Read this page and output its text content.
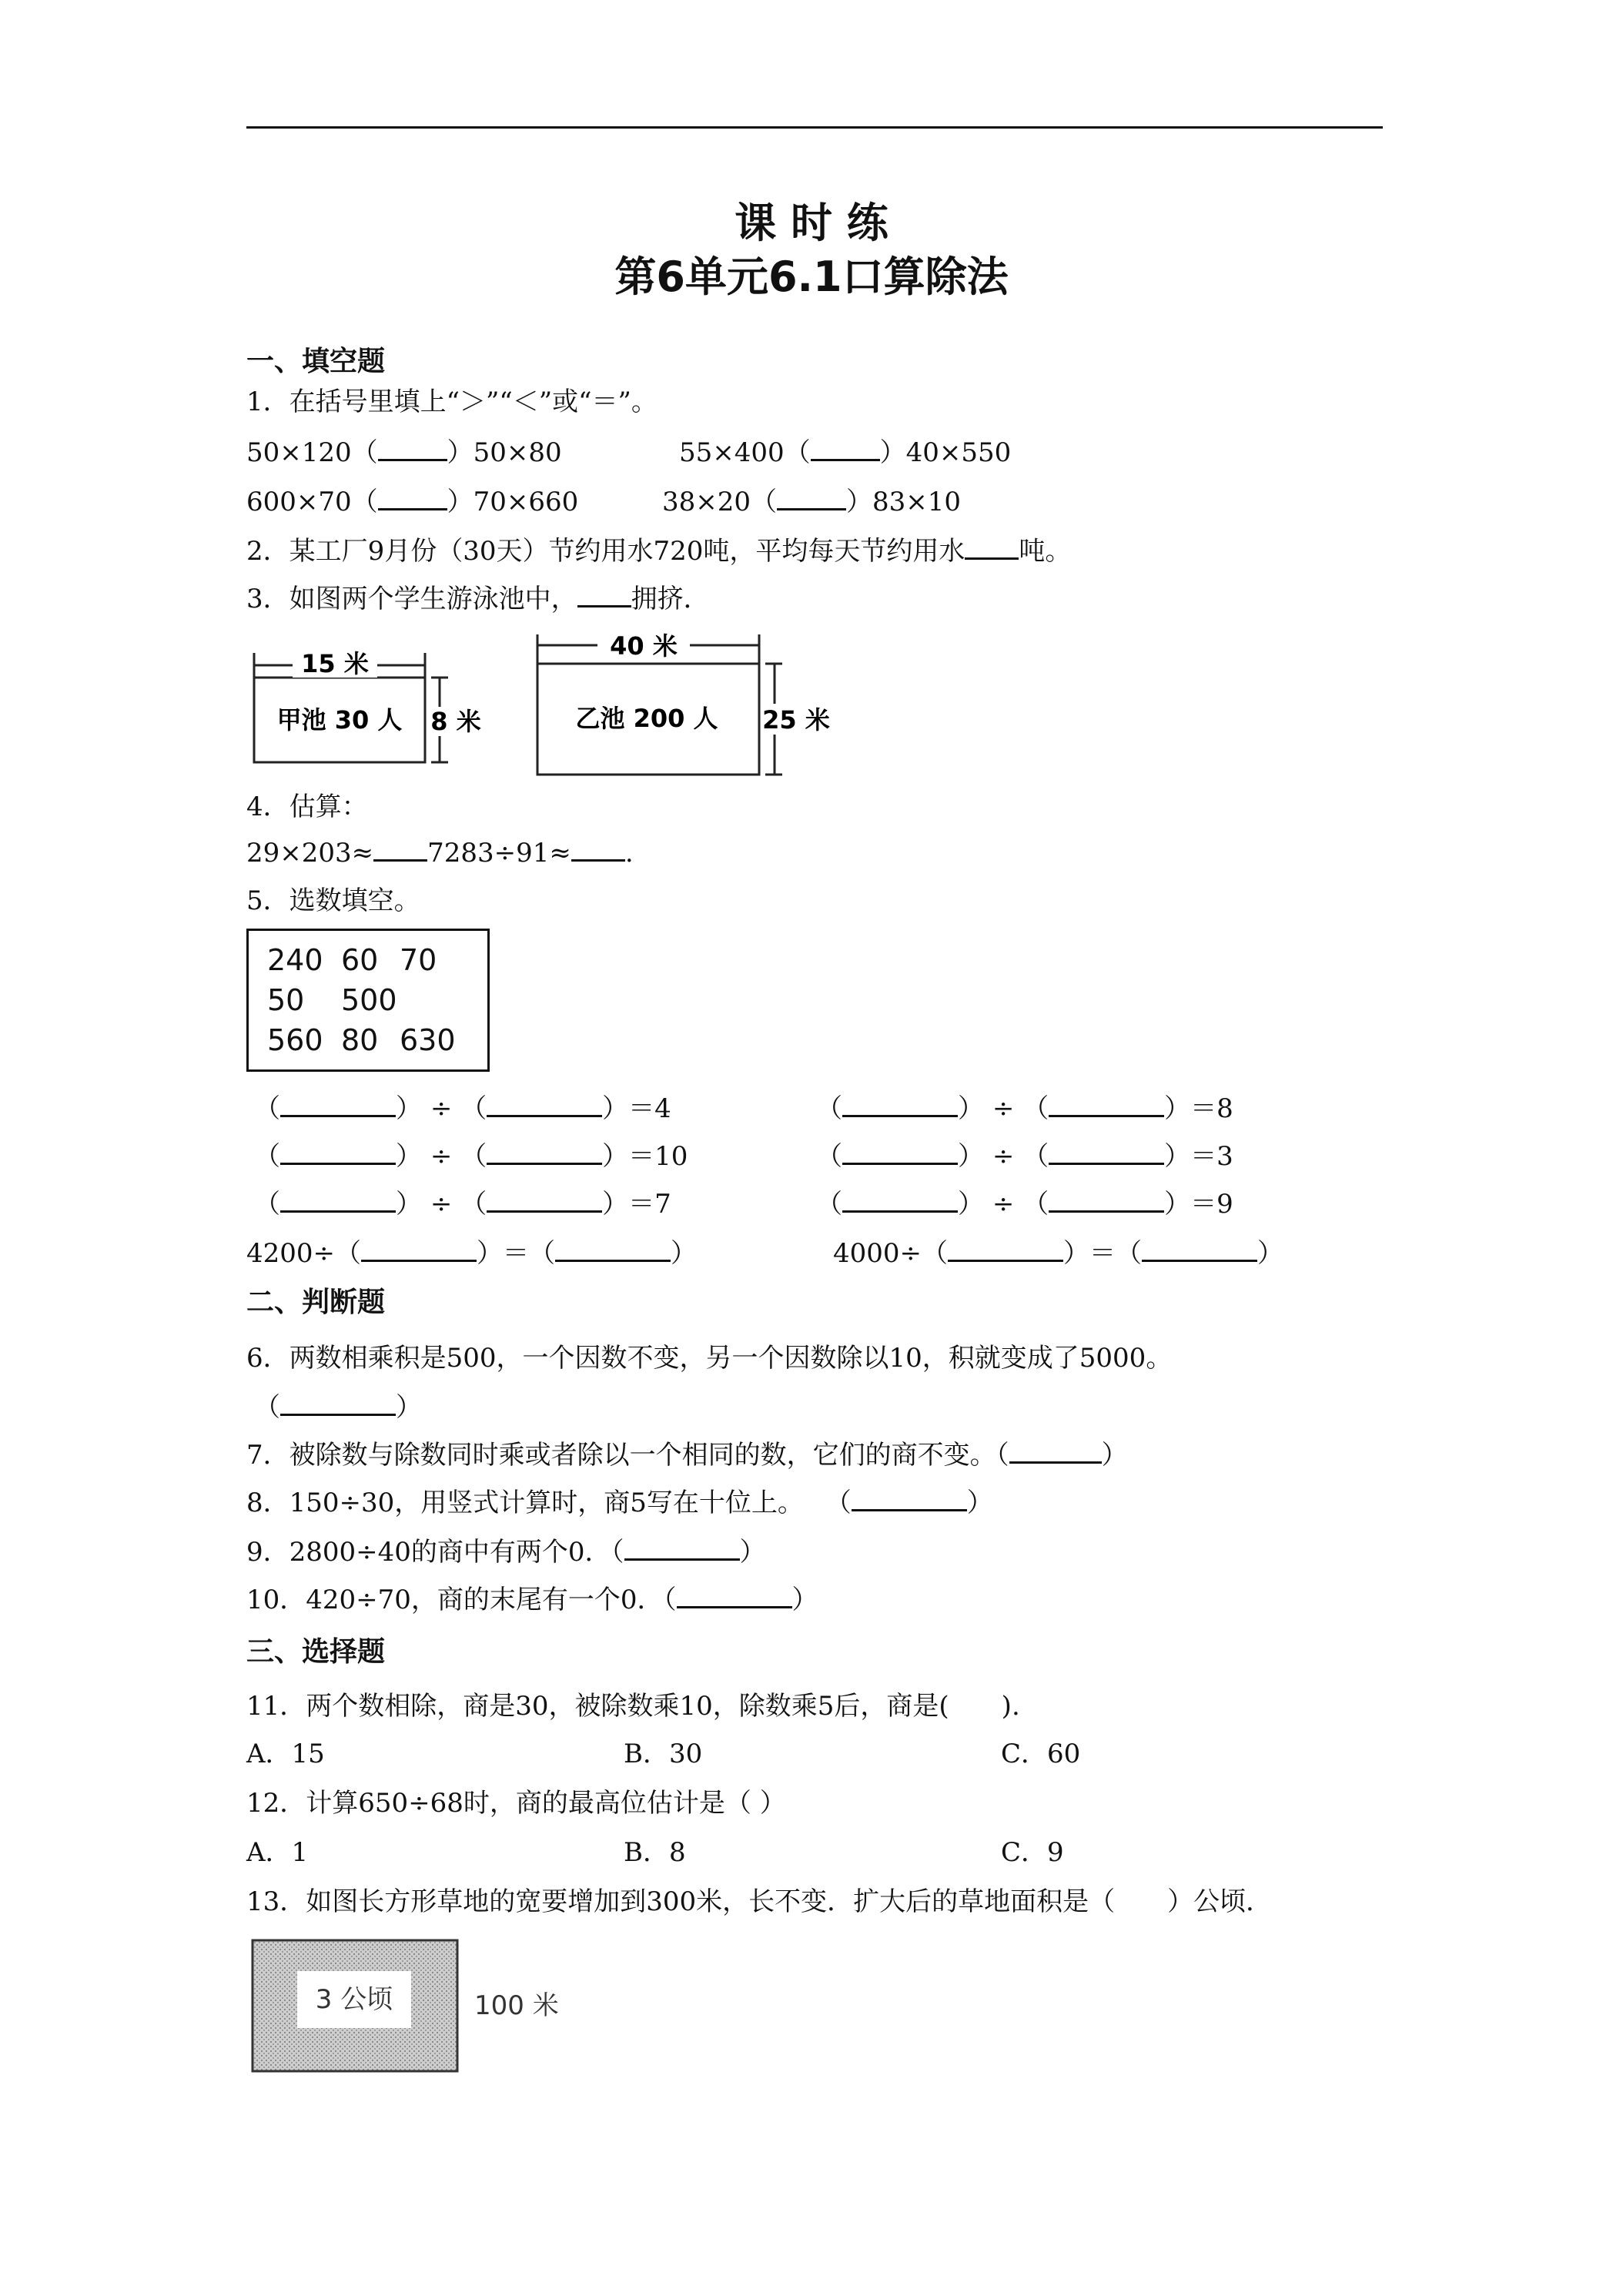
课 时 练
第6单元6.1口算除法
一、填空题
1．在括号里填上“＞”“＜”或“＝”。
50×120（	）50×80	55×400（	）40×550
600×70（	）70×660	38×20（	）83×10
2．某工厂9月份（30天）节约用水720吨，平均每天节约用水 吨。
3．如图两个学生游泳池中， 拥挤．
15 米
甲池 30 人 8 米
40 米
乙池 200 人 25 米
4．估算：
29×203≈ 7283÷91≈ .
5．选数填空。
240 60 70
50 500
560 80 630
（	） ÷ （	）＝4	（	） ÷ （	）＝8
（	） ÷ （	）＝10	（	） ÷ （	）＝3
（	） ÷ （	）＝7	（	） ÷ （	）＝9
4200÷（	）＝（	）	4000÷（	）＝（	）
二、判断题
6．两数相乘积是500，一个因数不变，另一个因数除以10，积就变成了5000。
（	）
7．被除数与除数同时乘或者除以一个相同的数，它们的商不变。（	）
8．150÷30，用竖式计算时，商5写在十位上。　 （	）
9．2800÷40的商中有两个0．（	）
10．420÷70，商的末尾有一个0．（	）
三、选择题
11．两个数相除，商是30，被除数乘10，除数乘5后，商是(　　).
A．15	B．30	C．60
12．计算650÷68时，商的最高位估计是（ ）
A．1	B．8	C．9
13．如图长方形草地的宽要增加到300米，长不变．扩大后的草地面积是（　　）公顷．
3 公顷	100 米
